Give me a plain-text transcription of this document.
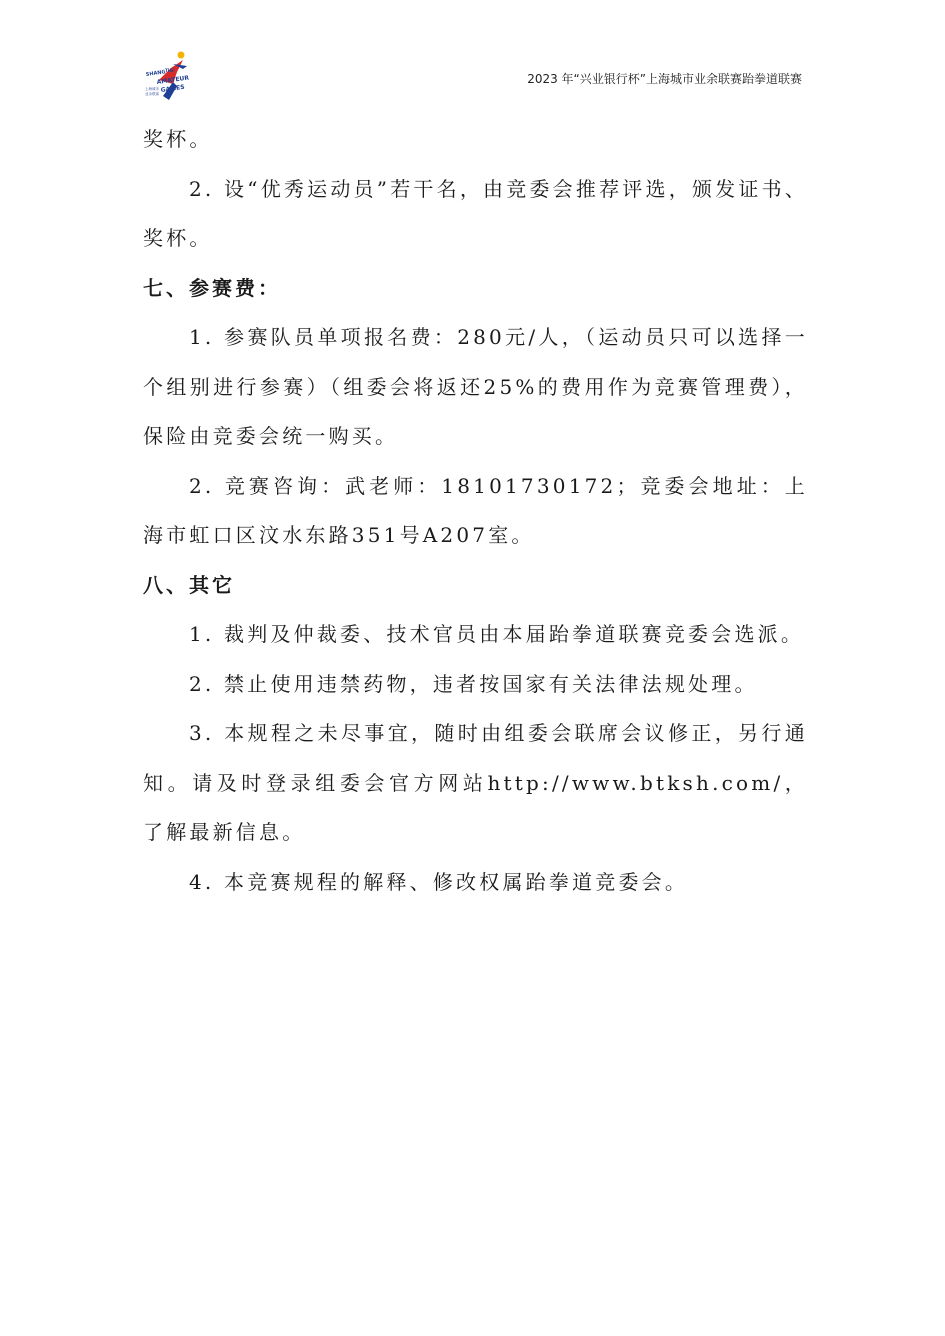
SHANG
THE
AMATEUR
GAMES
上海城市
业余联赛
2023 年“兴业银行杯”上海城市业余联赛跆拳道联赛

奖杯。

2. 设“优秀运动员”若干名，由竞委会推荐评选，颁发证书、奖杯。

七、参赛费：

1. 参赛队员单项报名费：280元/人，（运动员只可以选择一个组别进行参赛）（组委会将返还25%的费用作为竞赛管理费），保险由竞委会统一购买。

2. 竞赛咨询：武老师：18101730172；竞委会地址：上海市虹口区汶水东路351号A207室。

八、其它

1. 裁判及仲裁委、技术官员由本届跆拳道联赛竞委会选派。

2. 禁止使用违禁药物，违者按国家有关法律法规处理。

3. 本规程之未尽事宜，随时由组委会联席会议修正，另行通知。请及时登录组委会官方网站http://www.btksh.com/，了解最新信息。

4. 本竞赛规程的解释、修改权属跆拳道竞委会。
